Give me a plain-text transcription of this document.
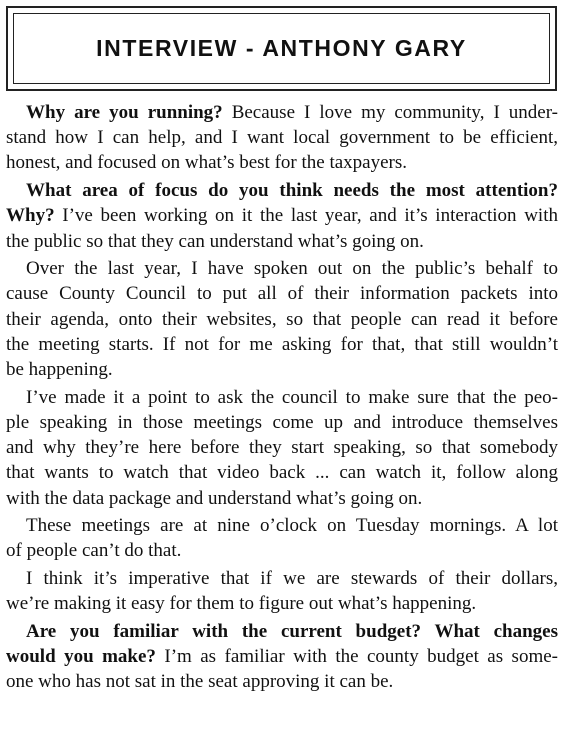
INTERVIEW - ANTHONY GARY
Why are you running? Because I love my community, I under-
stand how I can help, and I want local government to be efficient,
honest, and focused on what’s best for the taxpayers.
What area of focus do you think needs the most attention?
Why? I’ve been working on it the last year, and it’s interaction with
the public so that they can understand what’s going on.
Over the last year, I have spoken out on the public’s behalf to
cause County Council to put all of their information packets into
their agenda, onto their websites, so that people can read it before
the meeting starts. If not for me asking for that, that still wouldn’t
be happening.
I’ve made it a point to ask the council to make sure that the peo-
ple speaking in those meetings come up and introduce themselves
and why they’re here before they start speaking, so that somebody
that wants to watch that video back ... can watch it, follow along
with the data package and understand what’s going on.
These meetings are at nine o’clock on Tuesday mornings. A lot
of people can’t do that.
I think it’s imperative that if we are stewards of their dollars,
we’re making it easy for them to figure out what’s happening.
Are you familiar with the current budget? What changes
would you make? I’m as familiar with the county budget as some-
one who has not sat in the seat approving it can be.
